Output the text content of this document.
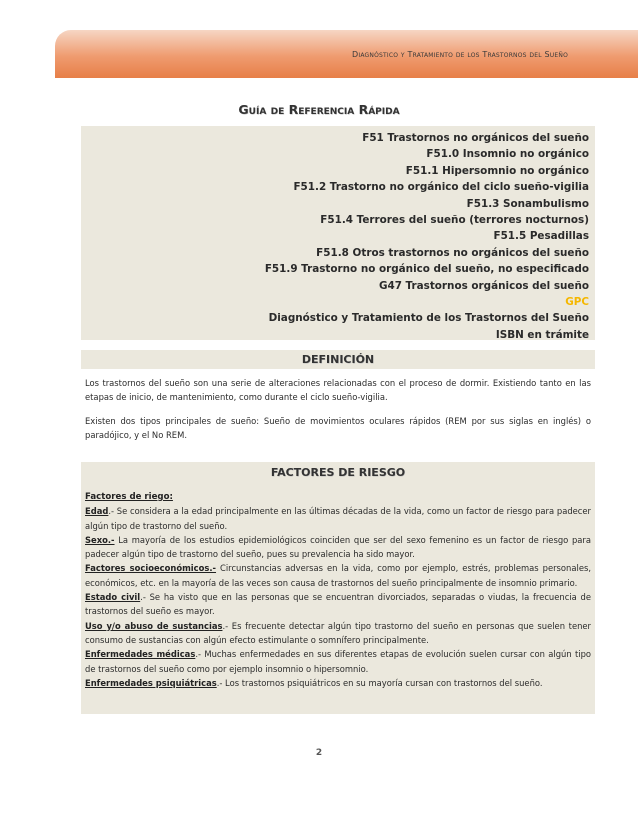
Diagnóstico y Tratamiento de los Trastornos del Sueño
Guía de Referencia Rápida
F51 Trastornos no orgánicos del sueño
F51.0 Insomnio no orgánico
F51.1 Hipersomnio no orgánico
F51.2 Trastorno no orgánico del ciclo sueño-vigilia
F51.3 Sonambulismo
F51.4 Terrores del sueño (terrores nocturnos)
F51.5 Pesadillas
F51.8 Otros trastornos no orgánicos del sueño
F51.9 Trastorno no orgánico del sueño, no especificado
G47 Trastornos orgánicos del sueño
GPC
Diagnóstico y Tratamiento de los Trastornos del Sueño
ISBN en trámite
DEFINICIÓN

Los trastornos del sueño son una serie de alteraciones relacionadas con el proceso de dormir. Existiendo tanto en las etapas de inicio, de mantenimiento, como durante el ciclo sueño-vigilia.

Existen dos tipos principales de sueño: Sueño de movimientos oculares rápidos (REM por sus siglas en inglés) o paradójico, y el No REM.

FACTORES DE RIESGO
Factores de riego:
Edad.- Se considera a la edad principalmente en las últimas décadas de la vida, como un factor de riesgo para padecer algún tipo de trastorno del sueño.
Sexo.- La mayoría de los estudios epidemiológicos coinciden que ser del sexo femenino es un factor de riesgo para padecer algún tipo de trastorno del sueño, pues su prevalencia ha sido mayor.
Factores socioeconómicos.- Circunstancias adversas en la vida, como por ejemplo, estrés, problemas personales, económicos, etc. en la mayoría de las veces son causa de trastornos del sueño principalmente de insomnio primario.
Estado civil.- Se ha visto que en las personas que se encuentran divorciados, separadas o viudas, la frecuencia de trastornos del sueño es mayor.
Uso y/o abuso de sustancias.- Es frecuente detectar algún tipo trastorno del sueño en personas que suelen tener consumo de sustancias con algún efecto estimulante o somnífero principalmente.
Enfermedades médicas.- Muchas enfermedades en sus diferentes etapas de evolución suelen cursar con algún tipo de trastornos del sueño como por ejemplo insomnio o hipersomnio.
Enfermedades psiquiátricas.- Los trastornos psiquiátricos en su mayoría cursan con trastornos del sueño.
2
